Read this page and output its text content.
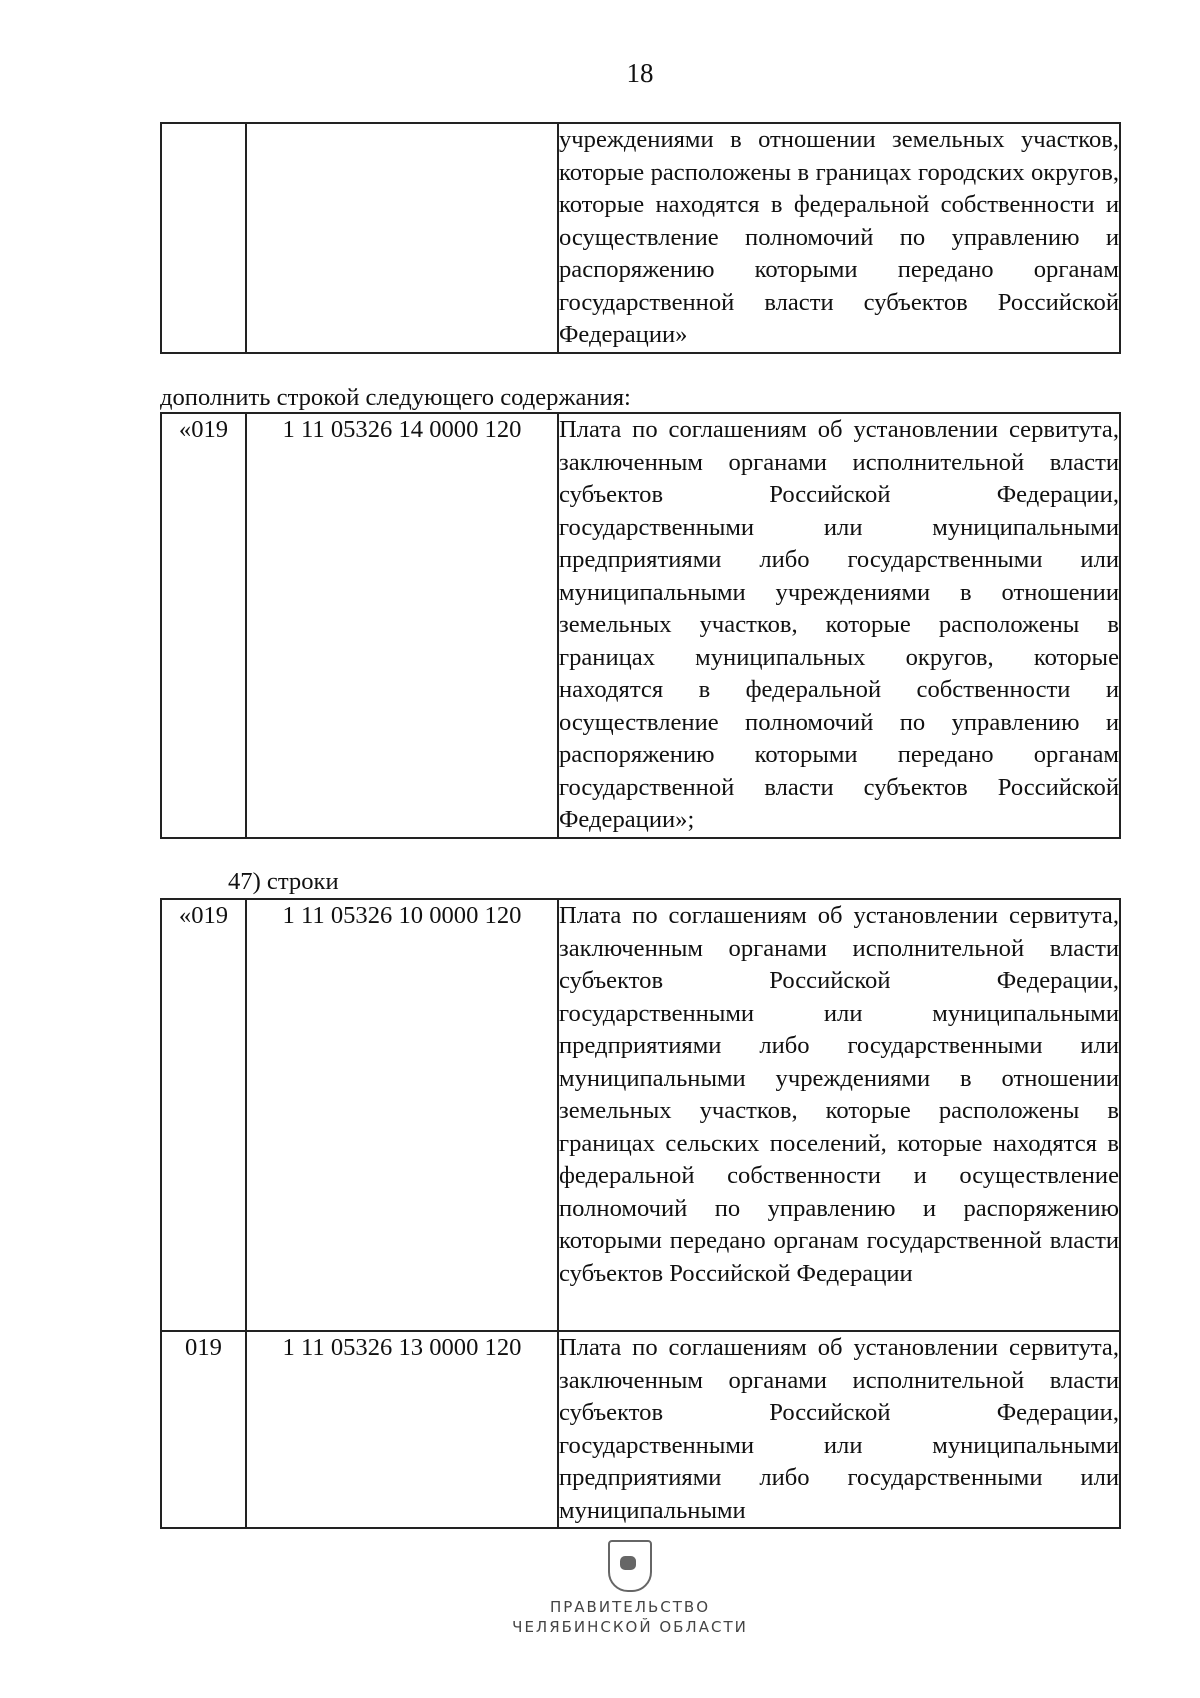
18
		учреждениями в отношении земельных участков, которые расположены в границах городских округов, которые находятся в федеральной собственности и осуществление полномочий по управлению и распоряжению которыми передано органам государственной власти субъектов Российской Федерации»
дополнить строкой следующего содержания:
«019	1 11 05326 14 0000 120	Плата по соглашениям об установлении сервитута, заключенным органами исполнительной власти субъектов Российской Федерации, государственными или муниципальными предприятиями либо государственными или муниципальными учреждениями в отношении земельных участков, которые расположены в границах муниципальных округов, которые находятся в федеральной собственности и осуществление полномочий по управлению и распоряжению которыми передано органам государственной власти субъектов Российской Федерации»;
47) строки
«019	1 11 05326 10 0000 120	Плата по соглашениям об установлении сервитута, заключенным органами исполнительной власти субъектов Российской Федерации, государственными или муниципальными предприятиями либо государственными или муниципальными учреждениями в отношении земельных участков, которые расположены в границах сельских поселений, которые находятся в федеральной собственности и осуществление полномочий по управлению и распоряжению которыми передано органам государственной власти субъектов Российской Федерации
019	1 11 05326 13 0000 120	Плата по соглашениям об установлении сервитута, заключенным органами исполнительной власти субъектов Российской Федерации, государственными или муниципальными предприятиями либо государственными или муниципальными
ПРАВИТЕЛЬСТВО
ЧЕЛЯБИНСКОЙ ОБЛАСТИ
